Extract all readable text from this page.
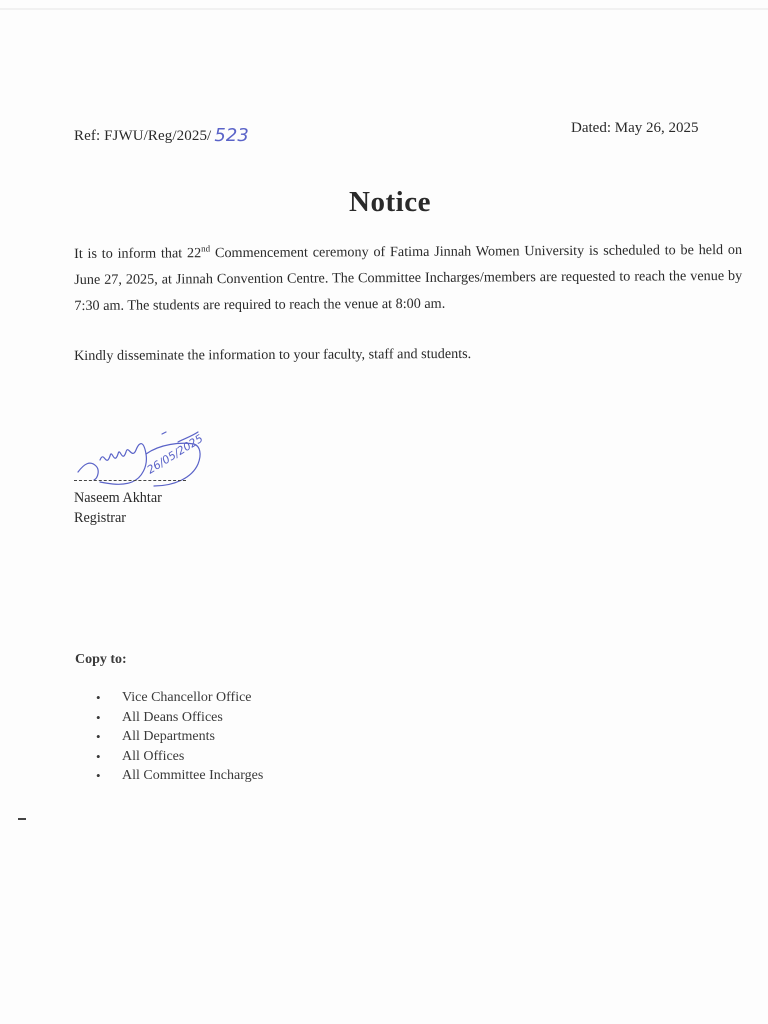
Ref: FJWU/Reg/2025/ 523	Dated: May 26, 2025
Notice
It is to inform that 22nd Commencement ceremony of Fatima Jinnah Women University is scheduled to be held on June 27, 2025, at Jinnah Convention Centre. The Committee Incharges/members are requested to reach the venue by 7:30 am. The students are required to reach the venue at 8:00 am.
Kindly disseminate the information to your faculty, staff and students.
26/05/2025
Naseem Akhtar
Registrar
Copy to:
• Vice Chancellor Office
• All Deans Offices
• All Departments
• All Offices
• All Committee Incharges
